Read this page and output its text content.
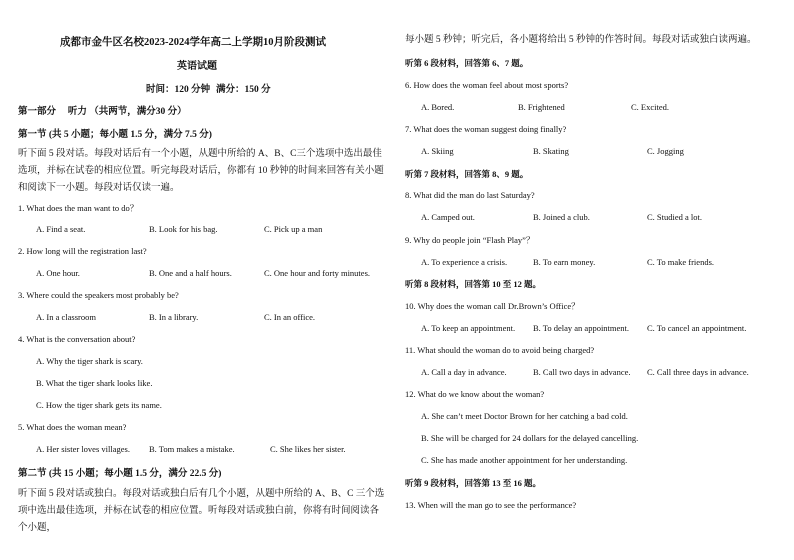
成都市金牛区名校2023-2024学年高二上学期10月阶段测试
英语试题
时间：120 分钟 满分：150 分
第一部分　 听力 （共两节，满分30 分）
第一节 (共 5 小题；每小题 1.5 分，满分 7.5 分)
听下面 5 段对话。每段对话后有一个小题，从题中所给的 A、B、C三个选项中选出最佳选项，并标在试卷的相应位置。听完每段对话后，你都有 10 秒钟的时间来回答有关小题和阅读下一小题。每段对话仅读一遍。
1. What does the man want to do？
A. Find a seat.	B. Look for his bag.	C. Pick up a man
2. How long will the registration last?
A. One hour.	B. One and a half hours.	C. One hour and forty minutes.
3. Where could the speakers most probably be?
A. In a classroom	B. In a library.	C. In an office.
4. What is the conversation about?
A. Why the tiger shark is scary.
B. What the tiger shark looks like.
C. How the tiger shark gets its name.
5. What does the woman mean?
A. Her sister loves villages. B. Tom makes a mistake.	C. She likes her sister.
第二节 (共 15 小题；每小题 1.5 分，满分 22.5 分)
听下面 5 段对话或独白。每段对话或独白后有几个小题，从题中所给的 A、B、C 三个选项中选出最佳选项，并标在试卷的相应位置。听每段对话或独白前，你将有时间阅读各个小题，
每小题 5 秒钟；听完后，各小题将给出 5 秒钟的作答时间。每段对话或独白读两遍。
听第 6 段材料，回答第 6、7 题。
6. How does the woman feel about most sports?
A. Bored.	B. Frightened	C. Excited.
7. What does the woman suggest doing finally?
A. Skiing	B. Skating	C. Jogging
听第 7 段材料，回答第 8、9 题。
8. What did the man do last Saturday?
A. Camped out.	B. Joined a club.	C. Studied a lot.
9. Why do people join “Flash Play”？
A. To experience a crisis.	B. To earn money.	C. To make friends.
听第 8 段材料，回答第 10 至 12 题。
10. Why does the woman call Dr.Brown’s Office？
A. To keep an appointment. B. To delay an appointment. C. To cancel an appointment.
11. What should the woman do to avoid being charged?
A. Call a day in advance.	B. Call two days in advance. C. Call three days in advance.
12. What do we know about the woman?
A. She can’t meet Doctor Brown for her catching a bad cold.
B. She will be charged for 24 dollars for the delayed cancelling.
C. She has made another appointment for her understanding.
听第 9 段材料，回答第 13 至 16 题。
13. When will the man go to see the performance?
